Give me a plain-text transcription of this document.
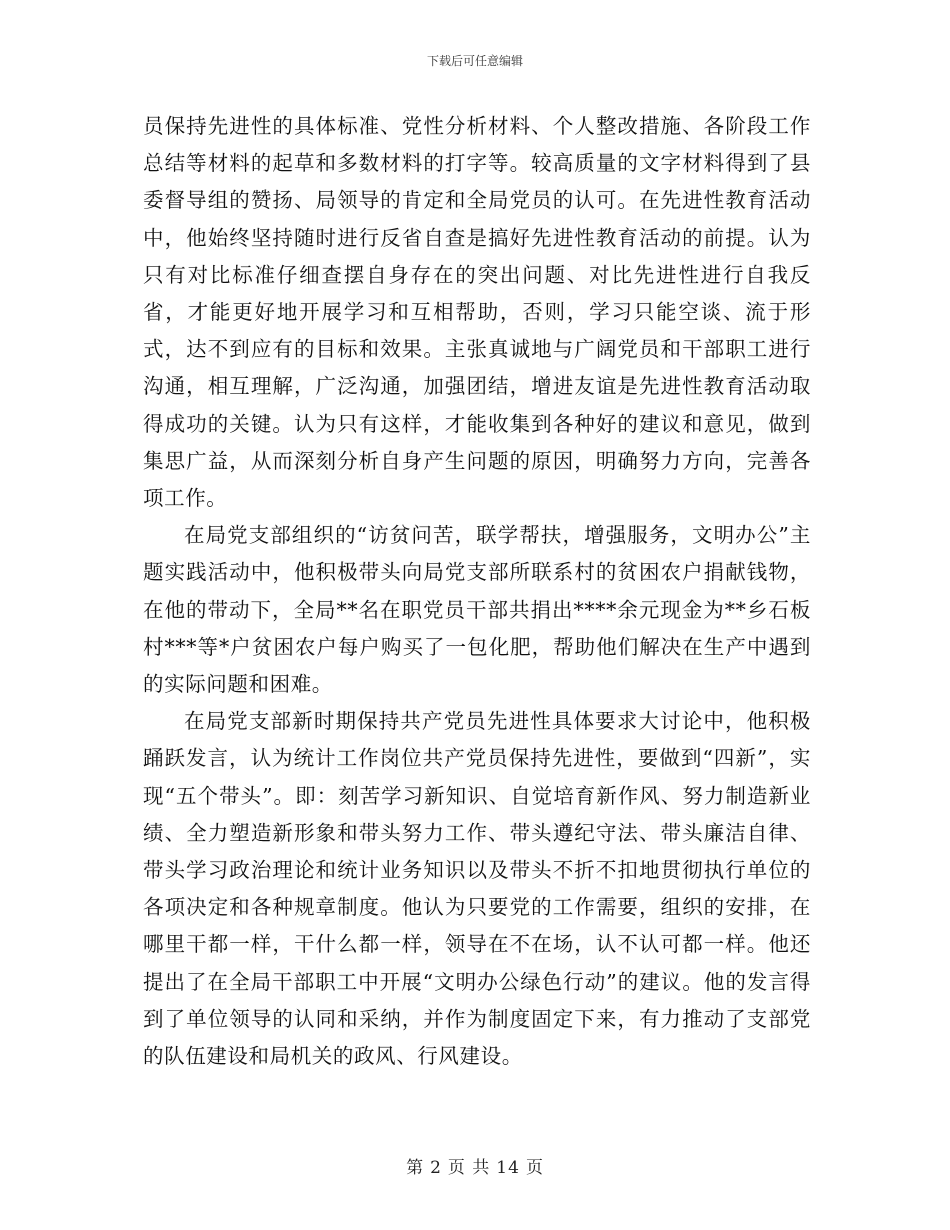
下载后可任意编辑

员保持先进性的具体标准、党性分析材料、个人整改措施、各阶段工作总结等材料的起草和多数材料的打字等。较高质量的文字材料得到了县委督导组的赞扬、局领导的肯定和全局党员的认可。在先进性教育活动中，他始终坚持随时进行反省自查是搞好先进性教育活动的前提。认为只有对比标准仔细查摆自身存在的突出问题、对比先进性进行自我反省，才能更好地开展学习和互相帮助，否则，学习只能空谈、流于形式，达不到应有的目标和效果。主张真诚地与广阔党员和干部职工进行沟通，相互理解，广泛沟通，加强团结，增进友谊是先进性教育活动取得成功的关键。认为只有这样，才能收集到各种好的建议和意见，做到集思广益，从而深刻分析自身产生问题的原因，明确努力方向，完善各项工作。

在局党支部组织的“访贫问苦，联学帮扶，增强服务，文明办公”主题实践活动中，他积极带头向局党支部所联系村的贫困农户捐献钱物，在他的带动下，全局**名在职党员干部共捐出****余元现金为**乡石板村***等*户贫困农户每户购买了一包化肥，帮助他们解决在生产中遇到的实际问题和困难。

在局党支部新时期保持共产党员先进性具体要求大讨论中，他积极踊跃发言，认为统计工作岗位共产党员保持先进性，要做到“四新”，实现“五个带头”。即：刻苦学习新知识、自觉培育新作风、努力制造新业绩、全力塑造新形象和带头努力工作、带头遵纪守法、带头廉洁自律、带头学习政治理论和统计业务知识以及带头不折不扣地贯彻执行单位的各项决定和各种规章制度。他认为只要党的工作需要，组织的安排，在哪里干都一样，干什么都一样，领导在不在场，认不认可都一样。他还提出了在全局干部职工中开展“文明办公绿色行动”的建议。他的发言得到了单位领导的认同和采纳，并作为制度固定下来，有力推动了支部党的队伍建设和局机关的政风、行风建设。

第 2 页 共 14 页
